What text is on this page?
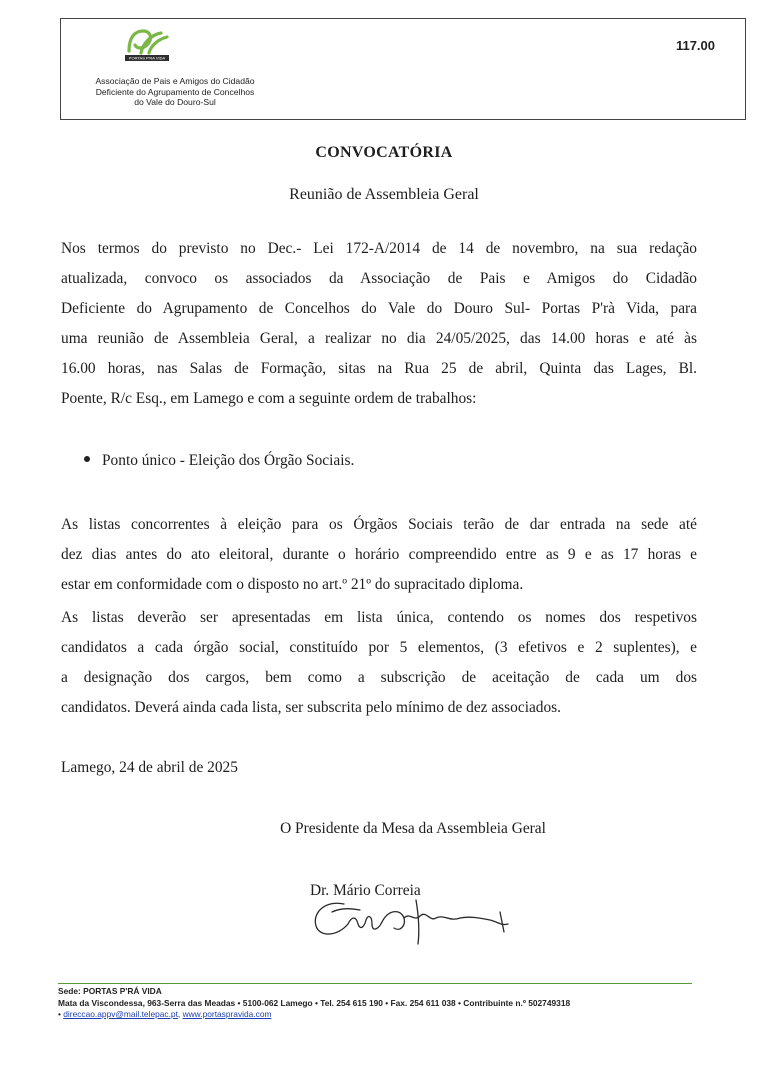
PORTAS P'RA VIDA
Associação de Pais e Amigos do Cidadão
Deficiente do Agrupamento de Concelhos
do Vale do Douro-Sul
117.00
CONVOCATÓRIA
Reunião de Assembleia Geral
Nos termos do previsto no Dec.- Lei 172-A/2014 de 14 de novembro, na sua redação
atualizada, convoco os associados da Associação de Pais e Amigos do Cidadão
Deficiente do Agrupamento de Concelhos do Vale do Douro Sul- Portas P'rà Vida, para
uma reunião de Assembleia Geral, a realizar no dia 24/05/2025, das 14.00 horas e até às
16.00 horas, nas Salas de Formação, sitas na Rua 25 de abril, Quinta das Lages, Bl.
Poente, R/c Esq., em Lamego e com a seguinte ordem de trabalhos:
Ponto único - Eleição dos Órgão Sociais.
As listas concorrentes à eleição para os Órgãos Sociais terão de dar entrada na sede até
dez dias antes do ato eleitoral, durante o horário compreendido entre as 9 e as 17 horas e
estar em conformidade com o disposto no art.º 21º do supracitado diploma.
As listas deverão ser apresentadas em lista única, contendo os nomes dos respetivos
candidatos a cada órgão social, constituído por 5 elementos, (3 efetivos e 2 suplentes), e
a designação dos cargos, bem como a subscrição de aceitação de cada um dos
candidatos. Deverá ainda cada lista, ser subscrita pelo mínimo de dez associados.
Lamego, 24 de abril de 2025
O Presidente da Mesa da Assembleia Geral
Dr. Mário Correia
Sede: PORTAS P'RÁ VIDA
Mata da Viscondessa, 963-Serra das Meadas • 5100-062 Lamego • Tel. 254 615 190 • Fax. 254 611 038 • Contribuinte n.º 502749318
• direccao.appv@mail.telepac.pt, www.portaspravida.com
